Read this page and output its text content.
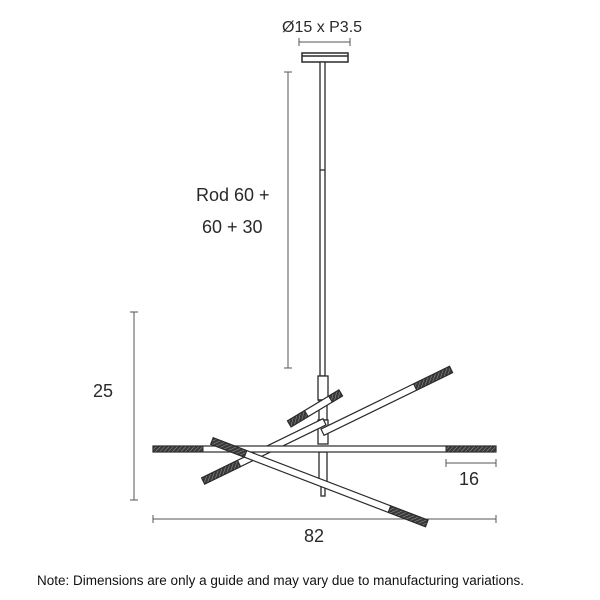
Ø15 x P3.5
Rod 60 +
60 + 30
25
82
16
Note: Dimensions are only a guide and may vary due to manufacturing variations.
